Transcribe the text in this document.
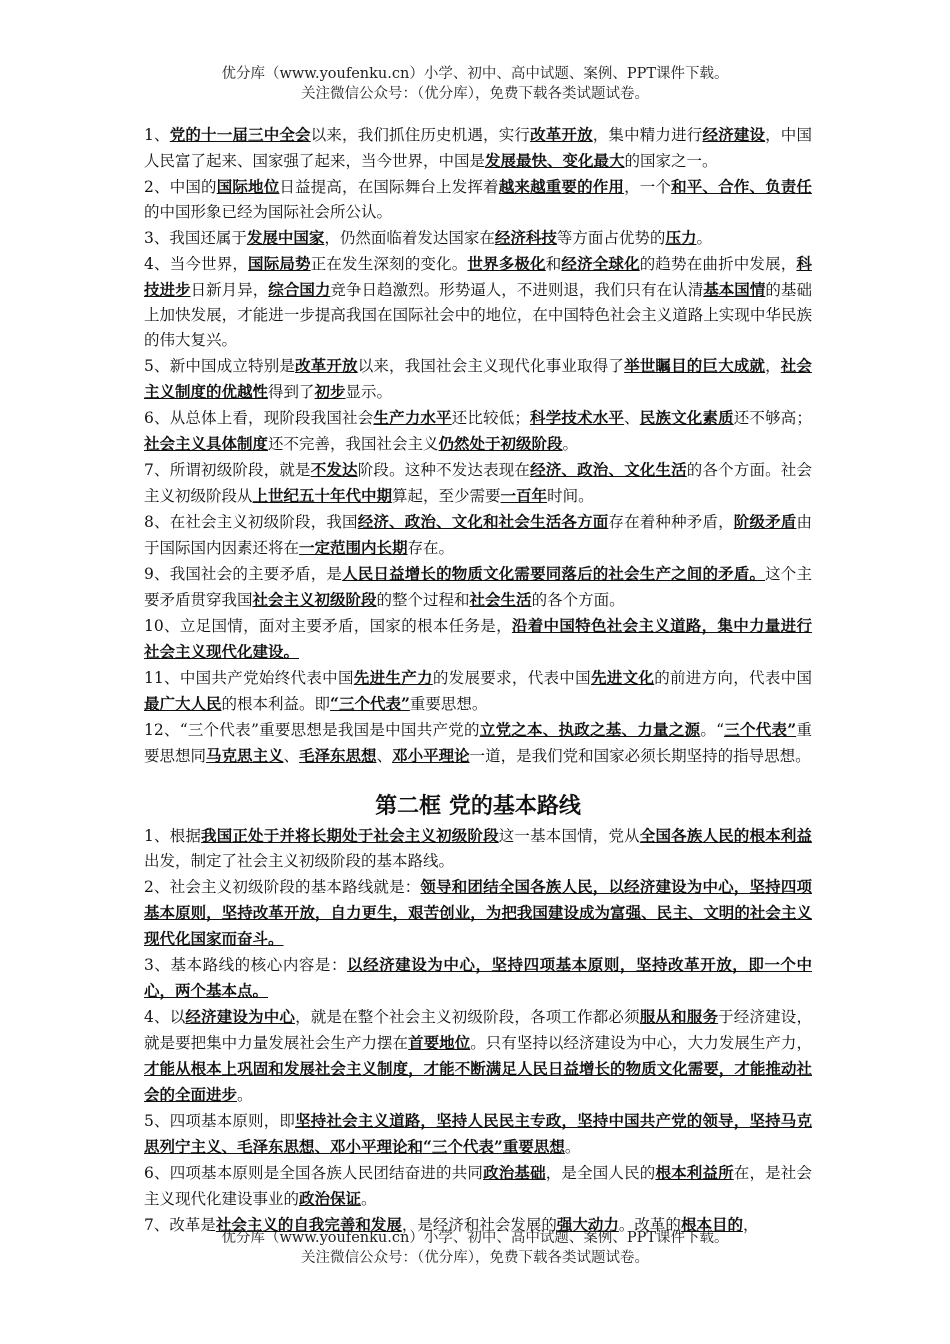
优分库（www.youfenku.cn）小学、初中、高中试题、案例、PPT课件下载。
关注微信公众号：（优分库），免费下载各类试题试卷。

1、党的十一届三中全会以来，我们抓住历史机遇，实行改革开放，集中精力进行经济建设，中国人民富了起来、国家强了起来，当今世界，中国是发展最快、变化最大的国家之一。

2、中国的国际地位日益提高，在国际舞台上发挥着越来越重要的作用，一个和平、合作、负责任的中国形象已经为国际社会所公认。

3、我国还属于发展中国家，仍然面临着发达国家在经济科技等方面占优势的压力。

4、当今世界，国际局势正在发生深刻的变化。世界多极化和经济全球化的趋势在曲折中发展，科技进步日新月异，综合国力竞争日趋激烈。形势逼人，不进则退，我们只有在认清基本国情的基础上加快发展，才能进一步提高我国在国际社会中的地位，在中国特色社会主义道路上实现中华民族的伟大复兴。

5、新中国成立特别是改革开放以来，我国社会主义现代化事业取得了举世瞩目的巨大成就，社会主义制度的优越性得到了初步显示。

6、从总体上看，现阶段我国社会生产力水平还比较低；科学技术水平、民族文化素质还不够高；社会主义具体制度还不完善，我国社会主义仍然处于初级阶段。

7、所谓初级阶段，就是不发达阶段。这种不发达表现在经济、政治、文化生活的各个方面。社会主义初级阶段从上世纪五十年代中期算起，至少需要一百年时间。

8、在社会主义初级阶段，我国经济、政治、文化和社会生活各方面存在着种种矛盾，阶级矛盾由于国际国内因素还将在一定范围内长期存在。

9、我国社会的主要矛盾，是人民日益增长的物质文化需要同落后的社会生产之间的矛盾。这个主要矛盾贯穿我国社会主义初级阶段的整个过程和社会生活的各个方面。

10、立足国情，面对主要矛盾，国家的根本任务是，沿着中国特色社会主义道路，集中力量进行社会主义现代化建设。

11、中国共产党始终代表中国先进生产力的发展要求，代表中国先进文化的前进方向，代表中国最广大人民的根本利益。即“三个代表”重要思想。

12、“三个代表”重要思想是我国是中国共产党的立党之本、执政之基、力量之源。“三个代表”重要思想同马克思主义、毛泽东思想、邓小平理论一道，是我们党和国家必须长期坚持的指导思想。

第二框 党的基本路线

1、根据我国正处于并将长期处于社会主义初级阶段这一基本国情，党从全国各族人民的根本利益出发，制定了社会主义初级阶段的基本路线。

2、社会主义初级阶段的基本路线就是：领导和团结全国各族人民，以经济建设为中心，坚持四项基本原则，坚持改革开放，自力更生，艰苦创业，为把我国建设成为富强、民主、文明的社会主义现代化国家而奋斗。

3、基本路线的核心内容是：以经济建设为中心，坚持四项基本原则，坚持改革开放，即一个中心，两个基本点。

4、以经济建设为中心，就是在整个社会主义初级阶段，各项工作都必须服从和服务于经济建设，就是要把集中力量发展社会生产力摆在首要地位。只有坚持以经济建设为中心，大力发展生产力，才能从根本上巩固和发展社会主义制度，才能不断满足人民日益增长的物质文化需要，才能推动社会的全面进步。

5、四项基本原则，即坚持社会主义道路，坚持人民民主专政，坚持中国共产党的领导，坚持马克思列宁主义、毛泽东思想、邓小平理论和“三个代表”重要思想。

6、四项基本原则是全国各族人民团结奋进的共同政治基础，是全国人民的根本利益所在，是社会主义现代化建设事业的政治保证。

7、改革是社会主义的自我完善和发展，是经济和社会发展的强大动力。改革的根本目的，

优分库（www.youfenku.cn）小学、初中、高中试题、案例、PPT课件下载。
关注微信公众号：（优分库），免费下载各类试题试卷。
